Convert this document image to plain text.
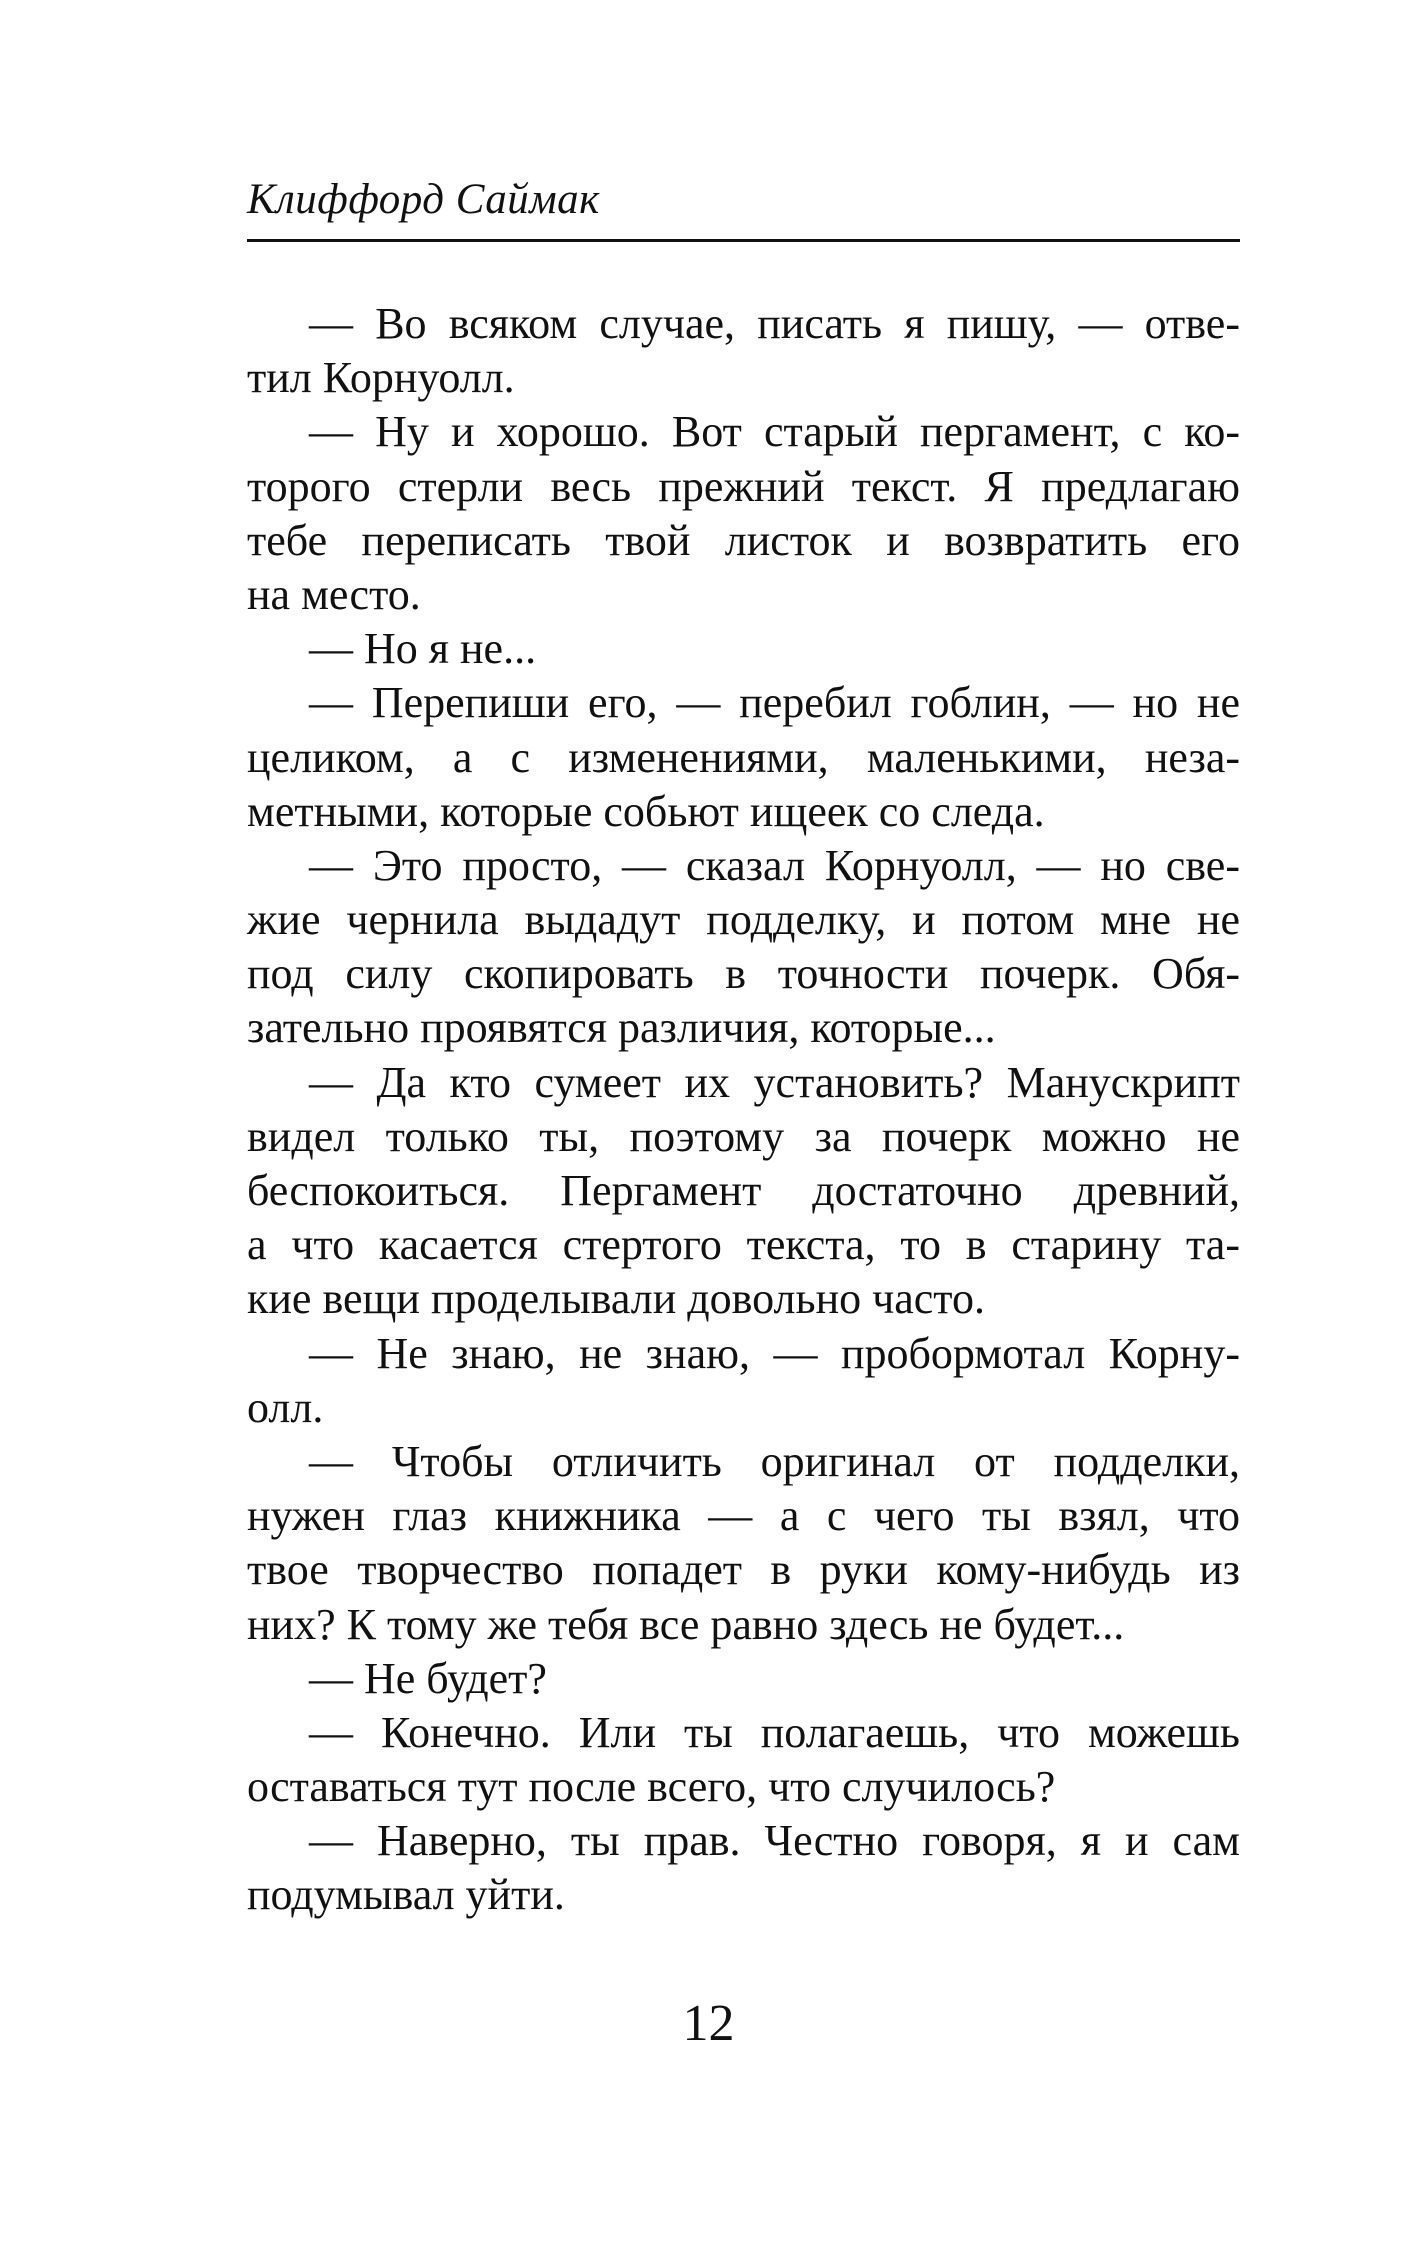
Клиффорд Саймак
— Во всяком случае, писать я пишу, — отве-
тил Корнуолл.
— Ну и хорошо. Вот старый пергамент, с ко-
торого стерли весь прежний текст. Я предлагаю
тебе переписать твой листок и возвратить его
на место.
— Но я не...
— Перепиши его, — перебил гоблин, — но не
целиком, а с изменениями, маленькими, неза-
метными, которые собьют ищеек со следа.
— Это просто, — сказал Корнуолл, — но све-
жие чернила выдадут подделку, и потом мне не
под силу скопировать в точности почерк. Обя-
зательно проявятся различия, которые...
— Да кто сумеет их установить? Манускрипт
видел только ты, поэтому за почерк можно не
беспокоиться. Пергамент достаточно древний,
а что касается стертого текста, то в старину та-
кие вещи проделывали довольно часто.
— Не знаю, не знаю, — пробормотал Корну-
олл.
— Чтобы отличить оригинал от подделки,
нужен глаз книжника — а с чего ты взял, что
твое творчество попадет в руки кому-нибудь из
них? К тому же тебя все равно здесь не будет...
— Не будет?
— Конечно. Или ты полагаешь, что можешь
оставаться тут после всего, что случилось?
— Наверно, ты прав. Честно говоря, я и сам
подумывал уйти.
12
